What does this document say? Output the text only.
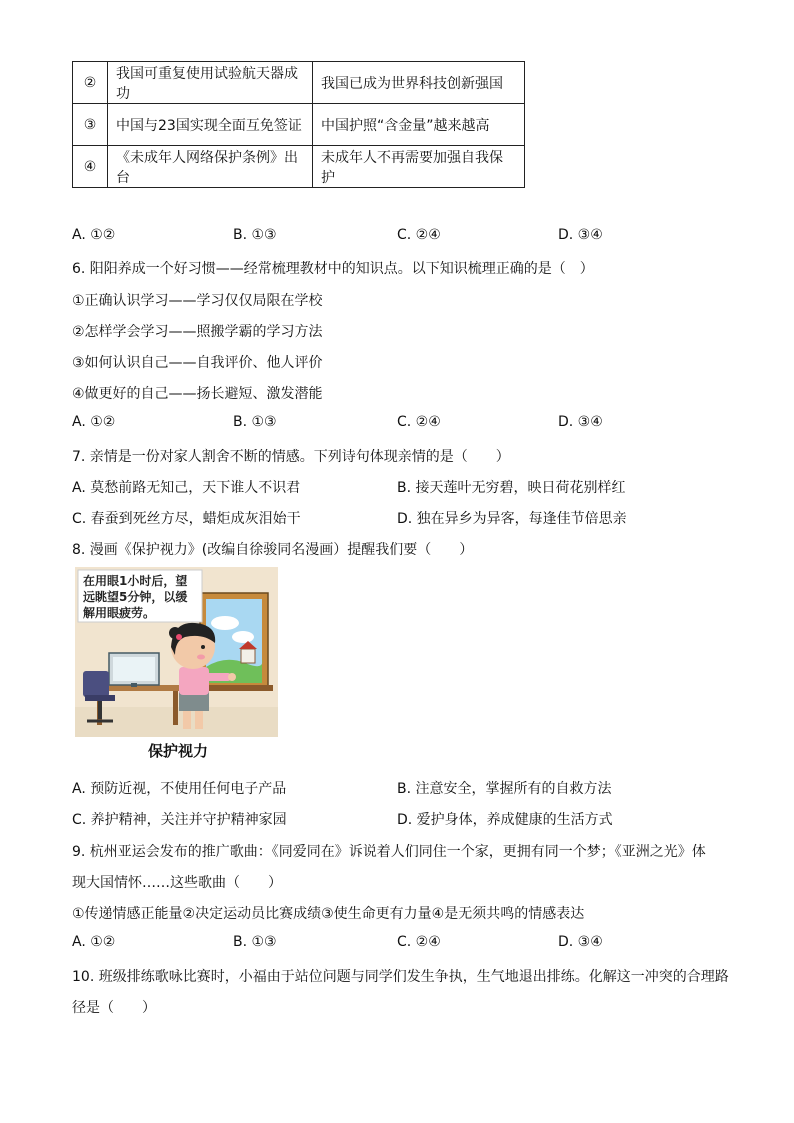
②	我国可重复使用试验航天器成功	我国已成为世界科技创新强国
③	中国与23国实现全面互免签证	中国护照“含金量”越来越高
④	《未成年人网络保护条例》出台	未成年人不再需要加强自我保护
A. ①②	B. ①③	C. ②④	D. ③④
6. 阳阳养成一个好习惯——经常梳理教材中的知识点。以下知识梳理正确的是（　）
①正确认识学习——学习仅仅局限在学校
②怎样学会学习——照搬学霸的学习方法
③如何认识自己——自我评价、他人评价
④做更好的自己——扬长避短、激发潜能
A. ①②	B. ①③	C. ②④	D. ③④
7. 亲情是一份对家人割舍不断的情感。下列诗句体现亲情的是（　　）
A. 莫愁前路无知己，天下谁人不识君	B. 接天莲叶无穷碧，映日荷花别样红
C. 春蚕到死丝方尽，蜡炬成灰泪始干	D. 独在异乡为异客，每逢佳节倍思亲
8. 漫画《保护视力》(改编自徐骏同名漫画）提醒我们要（　　）
在用眼1小时后，望
远眺望5分钟，以缓
解用眼疲劳。
保护视力
A. 预防近视，不使用任何电子产品	B. 注意安全，掌握所有的自救方法
C. 养护精神，关注并守护精神家园	D. 爱护身体，养成健康的生活方式
9. 杭州亚运会发布的推广歌曲：《同爱同在》诉说着人们同住一个家，更拥有同一个梦；《亚洲之光》体
现大国情怀……这些歌曲（　　）
①传递情感正能量②决定运动员比赛成绩③使生命更有力量④是无须共鸣的情感表达
A. ①②	B. ①③	C. ②④	D. ③④
10. 班级排练歌咏比赛时，小福由于站位问题与同学们发生争执，生气地退出排练。化解这一冲突的合理路
径是（　　）
